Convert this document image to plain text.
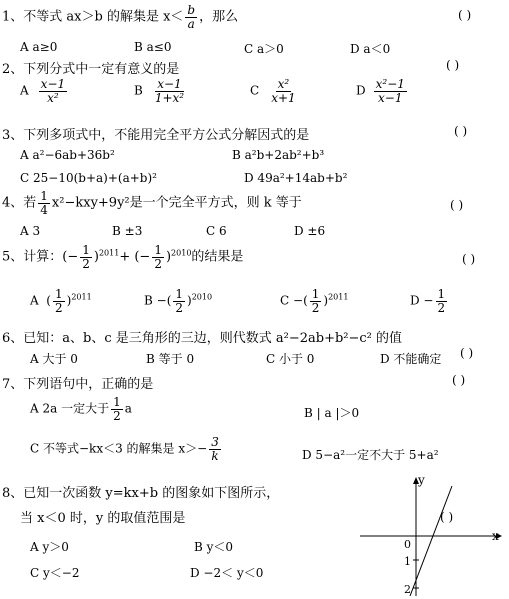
1、不等式 ax＞b 的解集是 $x< \frac{b}{a}$ ，那么	( )
A a≥0	B a≤0	C a＞0	D a＜0
2、下列分式中一定有意义的是	( )
A $\frac{x-1}{\text{x²}}$	B $\frac{x-1}{\text{1+x²}}$	C $\frac{\text{x²}}{x+1}$	D $\frac{\text{x²−1}}{x-1}$
3、下列多项式中，不能用完全平方公式分解因式的是	( )
A a²−6ab+36b²	B a²b+2ab²+b³
C 25−10(b+a)+(a+b)²	D 49a²+14ab+b²
4、若 $\frac{1}{4} x^2-kxy+9y^2$是一个完全平方式，则 k 等于	( )
A 3	B ±3	C 6	D ±6
5、计算：(− $\frac{1}{2} )^{2011}+$ (− $\frac{1}{2} )^{2010}$的结果是	( )
A  ( $\frac{1}{2} )^{2011}$	B −( $\frac{1}{2} )^{2010}$	C −( $\frac{1}{2} )^{2011}$	$D - \frac{1}{2}$
6、已知：a、b、c 是三角形的三边，则代数式 a²−2ab+b²−c² 的值
A 大于 0	B 等于 0	C 小于 0	D 不能确定 ( )
7、下列语句中，正确的是	( )
A 2a 一定大于 $\frac{1}{2}$ a	B | a |＞0
C 不等式−kx＜3 的解集是 $x>- \frac{3}{k}$	D 5−a²一定不大于 5+a²
8、已知一次函数 y=kx+b 的图象如下图所示，
当 x＜0 时，y 的取值范围是	( )
A y＞0	B y＜0
C y＜−2	D −2＜ y＜0
y
x
0
1
2
